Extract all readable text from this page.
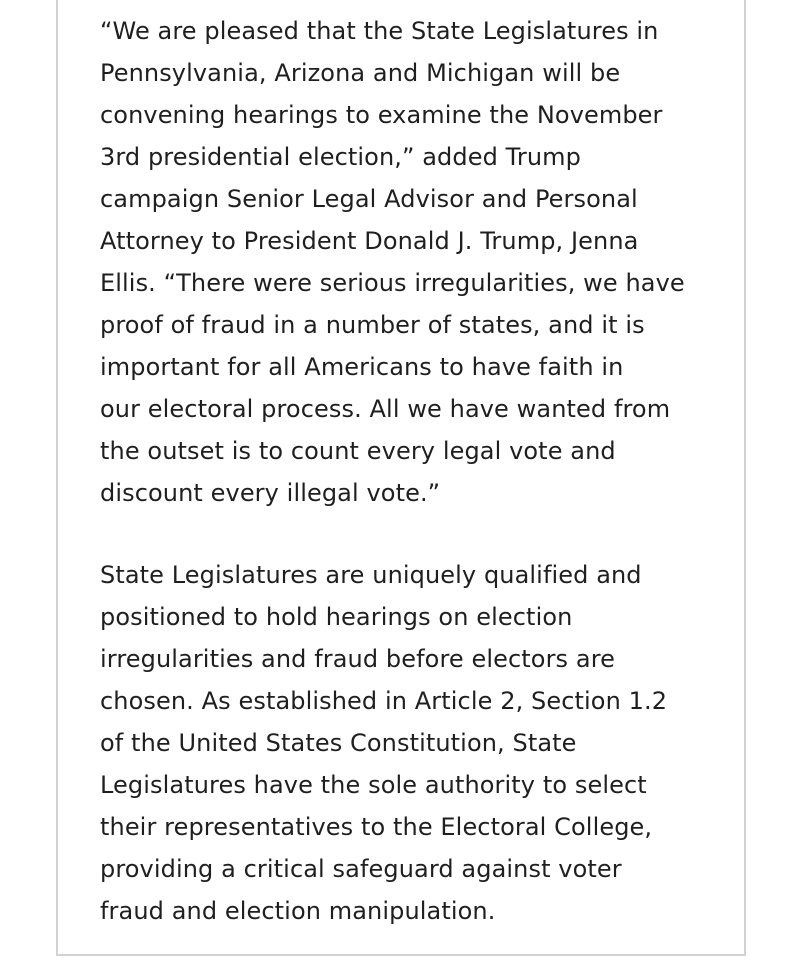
“We are pleased that the State Legislatures in

Pennsylvania, Arizona and Michigan will be

convening hearings to examine the November

3rd presidential election,” added Trump

campaign Senior Legal Advisor and Personal

Attorney to President Donald J. Trump, Jenna

Ellis. “There were serious irregularities, we have

proof of fraud in a number of states, and it is

important for all Americans to have faith in

our electoral process. All we have wanted from

the outset is to count every legal vote and

discount every illegal vote.”

State Legislatures are uniquely qualified and

positioned to hold hearings on election

irregularities and fraud before electors are

chosen. As established in Article 2, Section 1.2

of the United States Constitution, State

Legislatures have the sole authority to select

their representatives to the Electoral College,

providing a critical safeguard against voter

fraud and election manipulation.
